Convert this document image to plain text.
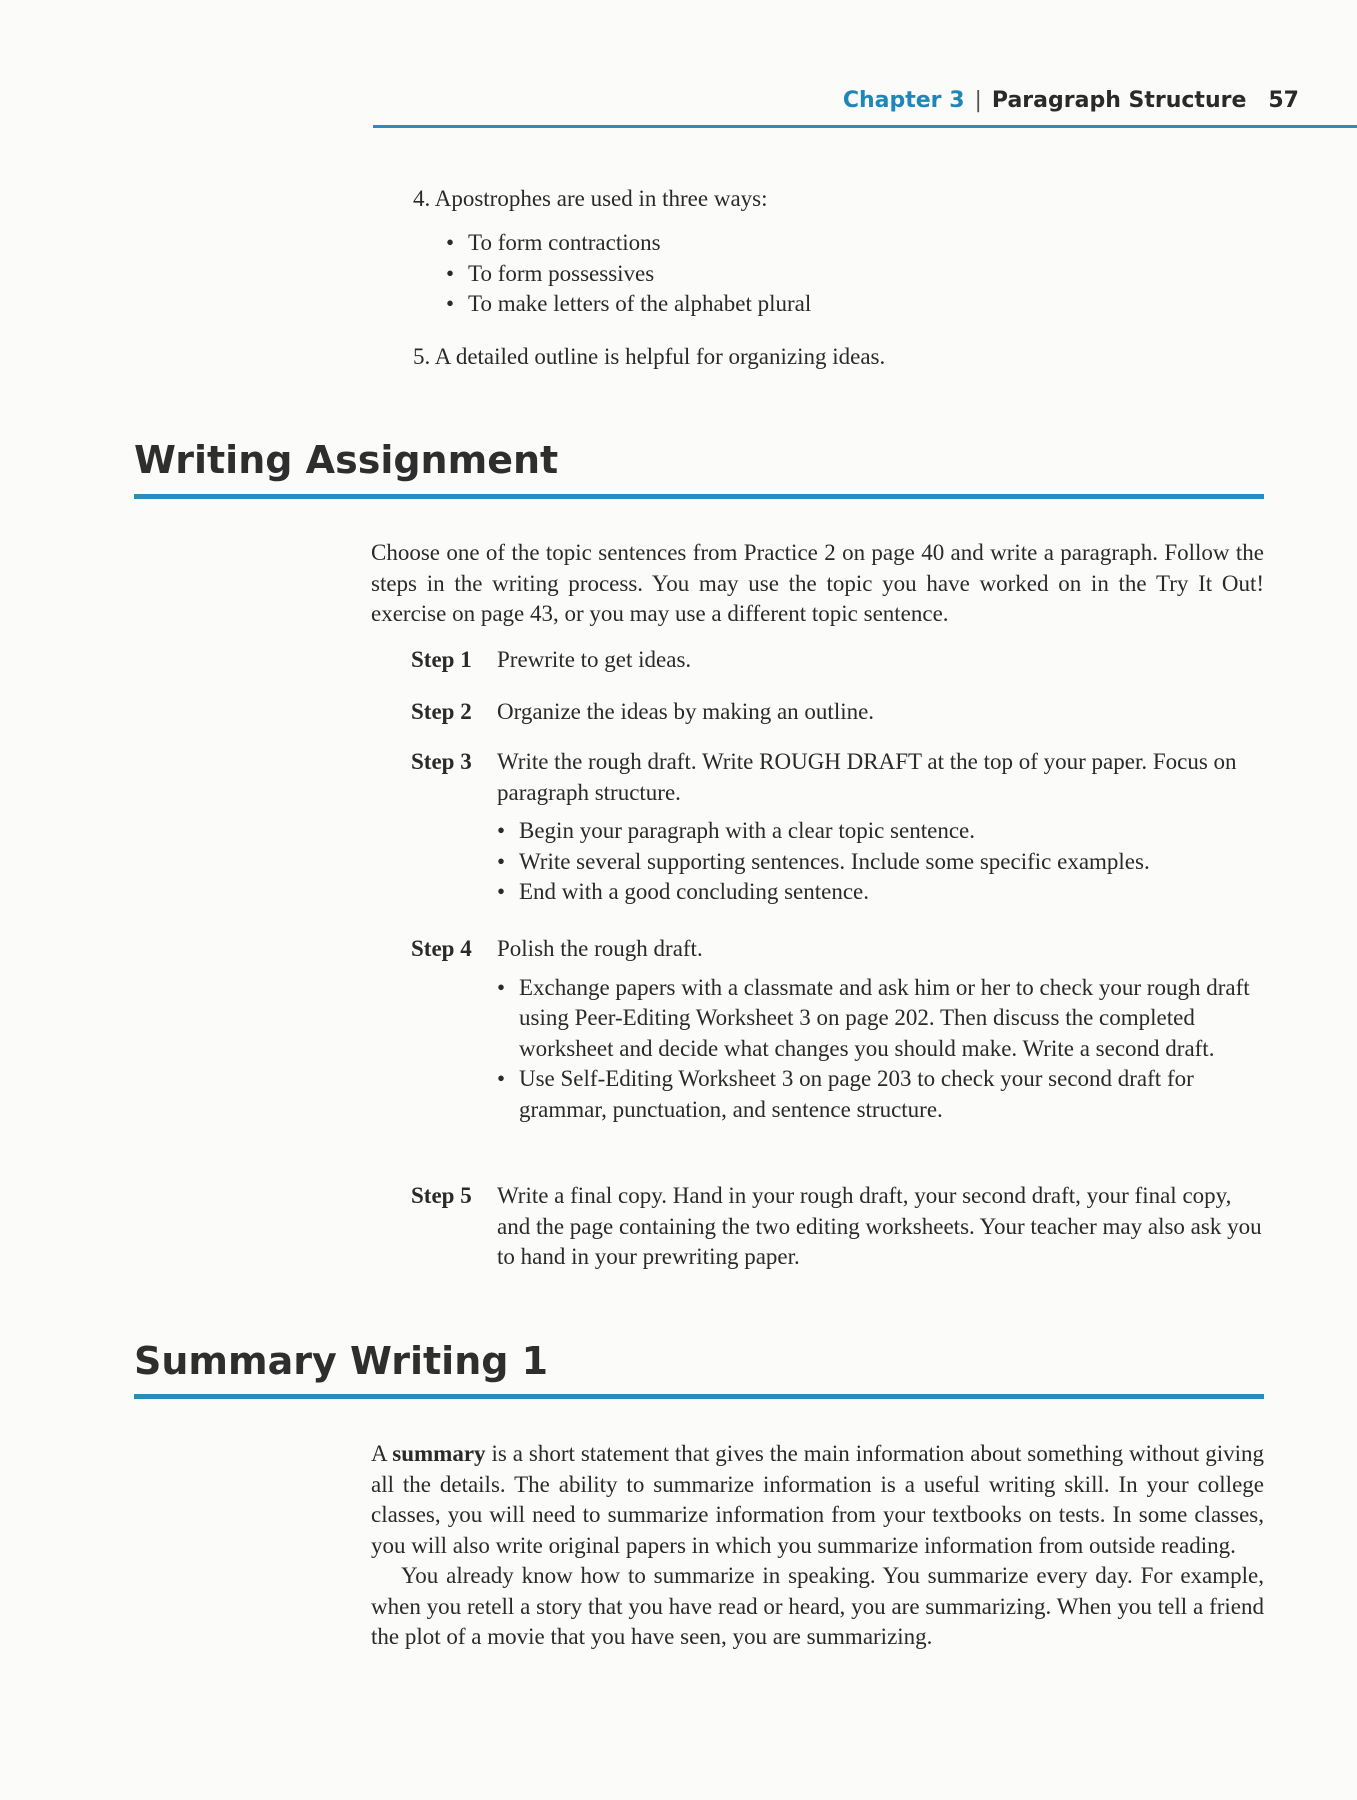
Chapter 3 | Paragraph Structure 57
4. Apostrophes are used in three ways:
• To form contractions
• To form possessives
• To make letters of the alphabet plural
5. A detailed outline is helpful for organizing ideas.
Writing Assignment
Choose one of the topic sentences from Practice 2 on page 40 and write a paragraph. Follow the steps in the writing process. You may use the topic you have worked on in the Try It Out! exercise on page 43, or you may use a different topic sentence.
Step 1	Prewrite to get ideas.
Step 2	Organize the ideas by making an outline.
Step 3	Write the rough draft. Write ROUGH DRAFT at the top of your paper. Focus on paragraph structure.
• Begin your paragraph with a clear topic sentence.
• Write several supporting sentences. Include some specific examples.
• End with a good concluding sentence.
Step 4	Polish the rough draft.
• Exchange papers with a classmate and ask him or her to check your rough draft using Peer-Editing Worksheet 3 on page 202. Then discuss the completed worksheet and decide what changes you should make. Write a second draft.
• Use Self-Editing Worksheet 3 on page 203 to check your second draft for grammar, punctuation, and sentence structure.
Step 5	Write a final copy. Hand in your rough draft, your second draft, your final copy, and the page containing the two editing worksheets. Your teacher may also ask you to hand in your prewriting paper.
Summary Writing 1
A summary is a short statement that gives the main information about something without giving all the details. The ability to summarize information is a useful writing skill. In your college classes, you will need to summarize information from your textbooks on tests. In some classes, you will also write original papers in which you summarize information from outside reading.
You already know how to summarize in speaking. You summarize every day. For example, when you retell a story that you have read or heard, you are summarizing. When you tell a friend the plot of a movie that you have seen, you are summarizing.
